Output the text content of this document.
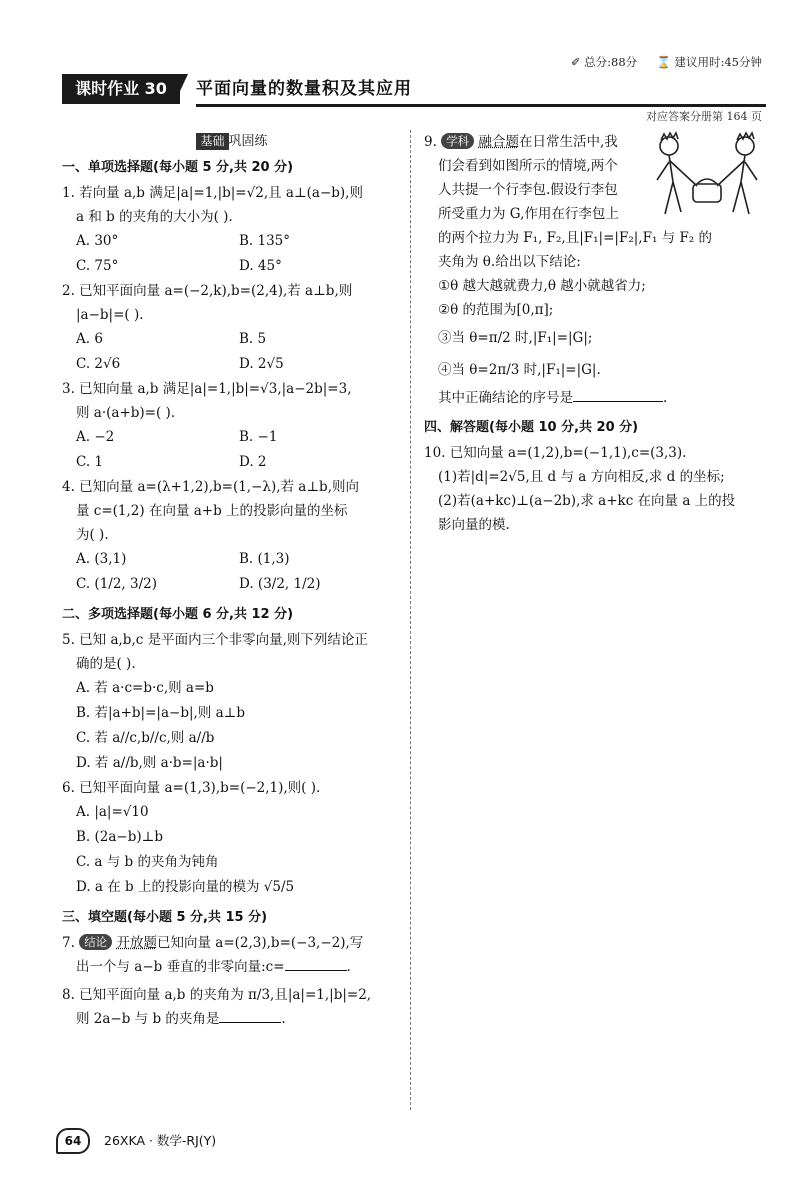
✐ 总分:88分 ⌛ 建议用时:45分钟
课时作业 30	平面向量的数量积及其应用
对应答案分册第 164 页
基础 巩固练
一、单项选择题(每小题 5 分,共 20 分)
1. 若向量 a,b 满足|a|=1,|b|=√2,且 a⊥(a−b),则
a 和 b 的夹角的大小为( ).
A. 30°	B. 135°
C. 75°	D. 45°
2. 已知平面向量 a=(−2,k),b=(2,4),若 a⊥b,则
|a−b|=( ).
A. 6	B. 5
C. 2√6	D. 2√5
3. 已知向量 a,b 满足|a|=1,|b|=√3,|a−2b|=3,
则 a·(a+b)=( ).
A. −2	B. −1
C. 1	D. 2
4. 已知向量 a=(λ+1,2),b=(1,−λ),若 a⊥b,则向
量 c=(1,2) 在向量 a+b 上的投影向量的坐标
为( ).
A. (3,1)	B. (1,3)
C. (1/2, 3/2)	D. (3/2, 1/2)
二、多项选择题(每小题 6 分,共 12 分)
5. 已知 a,b,c 是平面内三个非零向量,则下列结论正
确的是( ).
A. 若 a·c=b·c,则 a=b
B. 若|a+b|=|a−b|,则 a⊥b
C. 若 a//c,b//c,则 a//b
D. 若 a//b,则 a·b=|a·b|
6. 已知平面向量 a=(1,3),b=(−2,1),则( ).
A. |a|=√10
B. (2a−b)⊥b
C. a 与 b 的夹角为钝角
D. a 在 b 上的投影向量的模为 √5/5
三、填空题(每小题 5 分,共 15 分)
7. 结论 开放题已知向量 a=(2,3),b=(−3,−2),写
出一个与 a−b 垂直的非零向量:c=	.
8. 已知平面向量 a,b 的夹角为 π/3,且|a|=1,|b|=2,
则 2a−b 与 b 的夹角是	.
9. 学科 融合题在日常生活中,我
们会看到如图所示的情境,两个
人共提一个行李包.假设行李包
所受重力为 G,作用在行李包上
的两个拉力为 F₁, F₂,且|F₁|=|F₂|,F₁ 与 F₂ 的
夹角为 θ.给出以下结论:
①θ 越大越就费力,θ 越小就越省力;
②θ 的范围为[0,π];
③当 θ=π/2 时,|F₁|=|G|;
④当 θ=2π/3 时,|F₁|=|G|.
其中正确结论的序号是	.
四、解答题(每小题 10 分,共 20 分)
10. 已知向量 a=(1,2),b=(−1,1),c=(3,3).
(1)若|d|=2√5,且 d 与 a 方向相反,求 d 的坐标;
(2)若(a+kc)⊥(a−2b),求 a+kc 在向量 a 上的投
影向量的模.
64	26XKA · 数学-RJ(Y)
